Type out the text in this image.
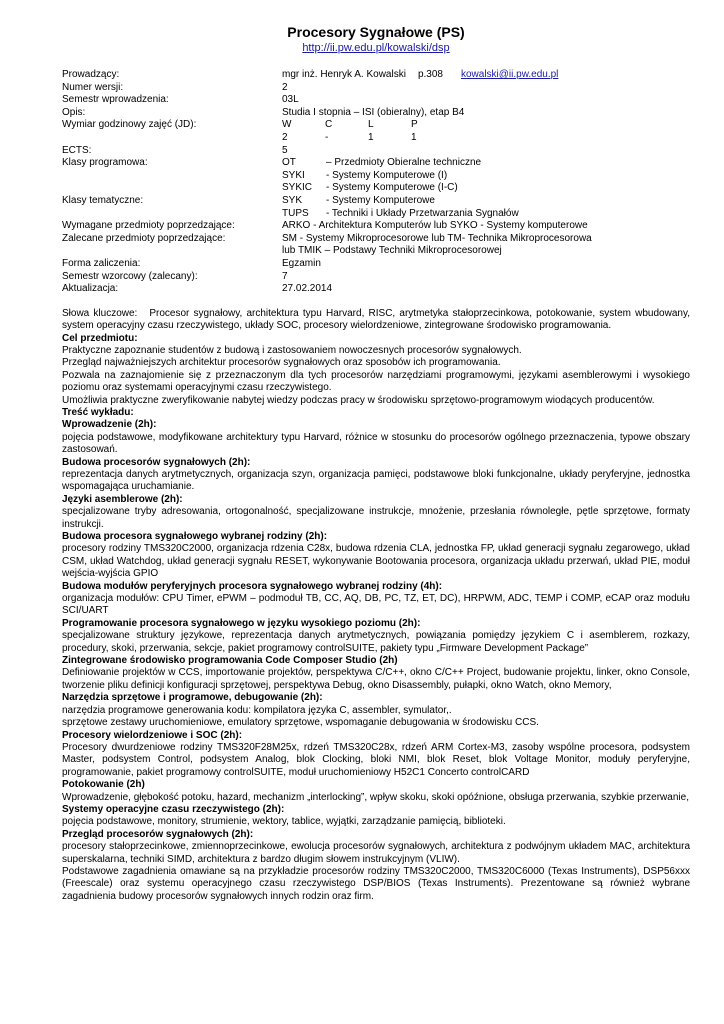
Procesory Sygnałowe (PS)
http://ii.pw.edu.pl/kowalski/dsp
Prowadzący:	mgr inż. Henryk A. Kowalski p.308 kowalski@ii.pw.edu.pl
Numer wersji:	2
Semestr wprowadzenia:	03L
Opis:	Studia I stopnia – ISI (obieralny), etap B4
Wymiar godzinowy zajęć (JD):	W	C	L	P
2	-	1	1
ECTS:	5
Klasy programowa:	OT	– Przedmioty Obieralne techniczne
SYKI	- Systemy Komputerowe (I)
SYKIC	- Systemy Komputerowe (I-C)
Klasy tematyczne:	SYK	- Systemy Komputerowe
TUPS	- Techniki i Układy Przetwarzania Sygnałów
Wymagane przedmioty poprzedzające:	ARKO - Architektura Komputerów lub SYKO - Systemy komputerowe
Zalecane przedmioty poprzedzające:	SM - Systemy Mikroprocesorowe lub TM- Technika Mikroprocesorowa
lub TMIK – Podstawy Techniki Mikroprocesorowej
Forma zaliczenia:	Egzamin
Semestr wzorcowy (zalecany):	7
Aktualizacja:	27.02.2014

Słowa kluczowe: Procesor sygnałowy, architektura typu Harvard, RISC, arytmetyka stałoprzecinkowa, potokowanie, system wbudowany, system operacyjny czasu rzeczywistego, układy SOC, procesory wielordzeniowe, zintegrowane środowisko programowania.

Cel przedmiotu:

Praktyczne zapoznanie studentów z budową i zastosowaniem nowoczesnych procesorów sygnałowych.

Przegląd najważniejszych architektur procesorów sygnałowych oraz sposobów ich programowania.

Pozwala na zaznajomienie się z przeznaczonym dla tych procesorów narzędziami programowymi, językami asemblerowymi i wysokiego poziomu oraz systemami operacyjnymi czasu rzeczywistego.

Umożliwia praktyczne zweryfikowanie nabytej wiedzy podczas pracy w środowisku sprzętowo-programowym wiodących producentów.

Treść wykładu:

Wprowadzenie (2h):

pojęcia podstawowe, modyfikowane architektury typu Harvard, różnice w stosunku do procesorów ogólnego przeznaczenia, typowe obszary zastosowań.

Budowa procesorów sygnałowych (2h):

reprezentacja danych arytmetycznych, organizacja szyn, organizacja pamięci, podstawowe bloki funkcjonalne, układy peryferyjne, jednostka wspomagająca uruchamianie.

Języki asemblerowe (2h):

specjalizowane tryby adresowania, ortogonalność, specjalizowane instrukcje, mnożenie, przesłania równoległe, pętle sprzętowe, formaty instrukcji.

Budowa procesora sygnałowego wybranej rodziny (2h):

procesory rodziny TMS320C2000, organizacja rdzenia C28x, budowa rdzenia CLA, jednostka FP, układ generacji sygnału zegarowego, układ CSM, układ Watchdog, układ generacji sygnału RESET, wykonywanie Bootowania procesora, organizacja układu przerwań, układ PIE, moduł wejścia-wyjścia GPIO

Budowa modułów peryferyjnych procesora sygnałowego wybranej rodziny (4h):

organizacja modułów: CPU Timer, ePWM – podmoduł TB, CC, AQ, DB, PC, TZ, ET, DC), HRPWM, ADC, TEMP i COMP, eCAP oraz modułu SCI/UART

Programowanie procesora sygnałowego w języku wysokiego poziomu (2h):

specjalizowane struktury językowe, reprezentacja danych arytmetycznych, powiązania pomiędzy językiem C i asemblerem, rozkazy, procedury, skoki, przerwania, sekcje, pakiet programowy controlSUITE, pakiety typu „Firmware Development Package”

Zintegrowane środowisko programowania Code Composer Studio (2h)

Definiowanie projektów w CCS, importowanie projektów, perspektywa C/C++, okno C/C++ Project, budowanie projektu, linker, okno Console, tworzenie pliku definicji konfiguracji sprzętowej, perspektywa Debug, okno Disassembly, pułapki, okno Watch, okno Memory,

Narzędzia sprzętowe i programowe, debugowanie (2h):

narzędzia programowe generowania kodu: kompilatora języka C, assembler, symulator,.

sprzętowe zestawy uruchomieniowe, emulatory sprzętowe, wspomaganie debugowania w środowisku CCS.

Procesory wielordzeniowe i SOC (2h):

Procesory dwurdzeniowe rodziny TMS320F28M25x, rdzeń TMS320C28x, rdzeń ARM Cortex-M3, zasoby wspólne procesora, podsystem Master, podsystem Control, podsystem Analog, blok Clocking, bloki NMI, blok Reset, blok Voltage Monitor, moduły peryferyjne, programowanie, pakiet programowy controlSUITE, moduł uruchomieniowy H52C1 Concerto controlCARD

Potokowanie (2h)

Wprowadzenie, głębokość potoku, hazard, mechanizm „interlocking”, wpływ skoku, skoki opóźnione, obsługa przerwania, szybkie przerwanie,

Systemy operacyjne czasu rzeczywistego (2h):

pojęcia podstawowe, monitory, strumienie, wektory, tablice, wyjątki, zarządzanie pamięcią, biblioteki.

Przegląd procesorów sygnałowych (2h):

procesory stałoprzecinkowe, zmiennoprzecinkowe, ewolucja procesorów sygnałowych, architektura z podwójnym układem MAC, architektura superskalarna, techniki SIMD, architektura z bardzo długim słowem instrukcyjnym (VLIW).

Podstawowe zagadnienia omawiane są na przykładzie procesorów rodziny TMS320C2000, TMS320C6000 (Texas Instruments), DSP56xxx (Freescale) oraz systemu operacyjnego czasu rzeczywistego DSP/BIOS (Texas Instruments). Prezentowane są również wybrane zagadnienia budowy procesorów sygnałowych innych rodzin oraz firm.
